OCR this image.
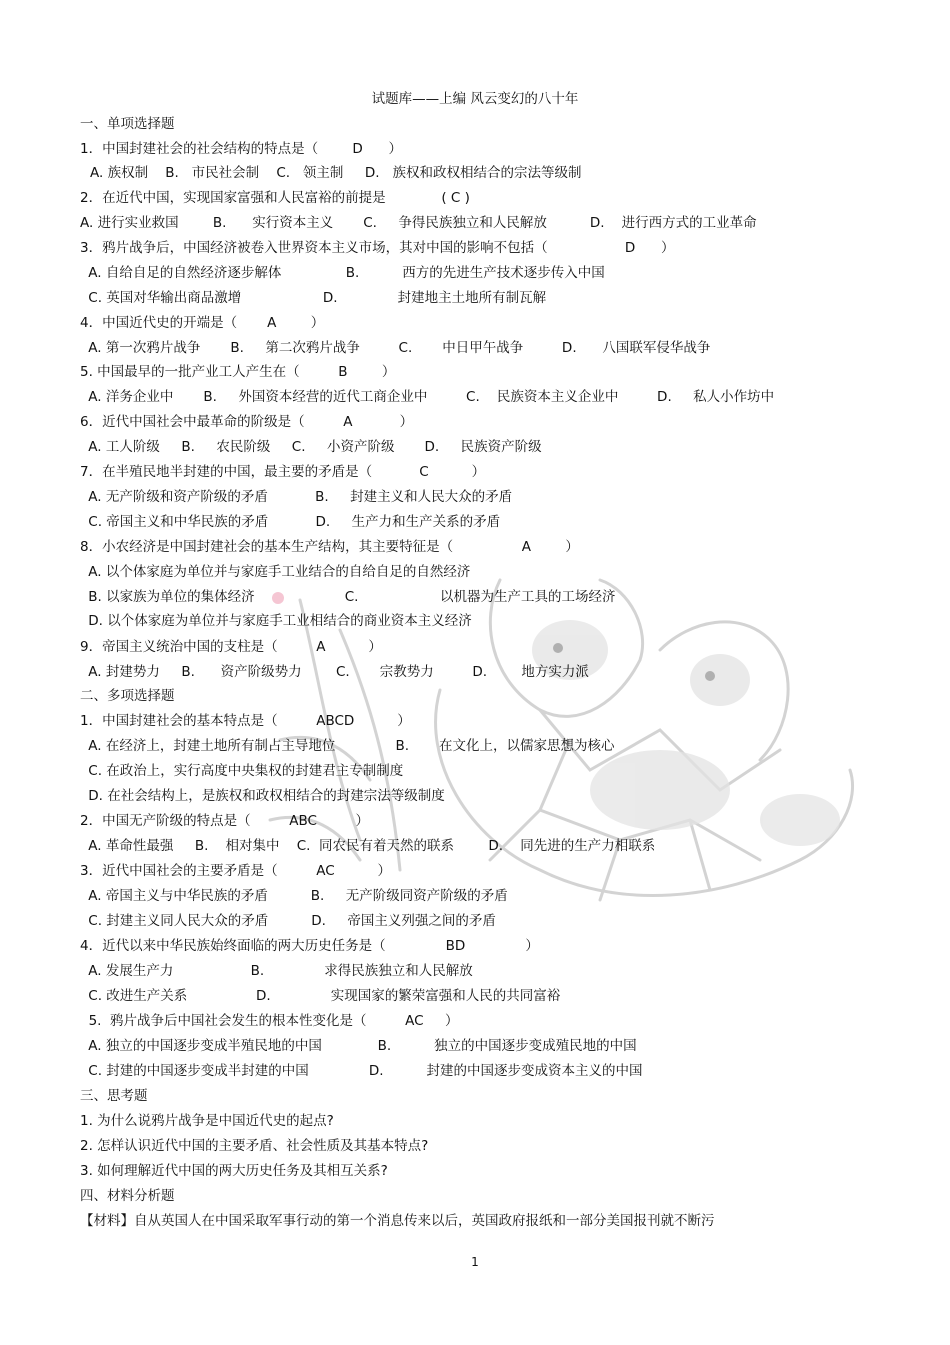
试题库——上编 风云变幻的八十年
一、单项选择题
1．中国封建社会的社会结构的特点是（        D      ）
A. 族权制    B.   市民社会制    C.   领主制     D.   族权和政权相结合的宗法等级制
2．在近代中国，实现国家富强和人民富裕的前提是             ( C )
A. 进行实业救国        B.      实行资本主义       C.     争得民族独立和人民解放          D.    进行西方式的工业革命
3．鸦片战争后，中国经济被卷入世界资本主义市场，其对中国的影响不包括（                  D      ）
A. 自给自足的自然经济逐步解体               B.          西方的先进生产技术逐步传入中国
C. 英国对华输出商品激增                   D.              封建地主土地所有制瓦解
4．中国近代史的开端是（       A        ）
A. 第一次鸦片战争       B.     第二次鸦片战争         C.       中日甲午战争         D.      八国联军侵华战争
5. 中国最早的一批产业工人产生在（         B        ）
A. 洋务企业中       B.     外国资本经营的近代工商企业中         C.    民族资本主义企业中         D.     私人小作坊中
6．近代中国社会中最革命的阶级是（         A           ）
A. 工人阶级     B.     农民阶级     C.     小资产阶级       D.     民族资产阶级
7．在半殖民地半封建的中国，最主要的矛盾是（           C          ）
A. 无产阶级和资产阶级的矛盾           B.     封建主义和人民大众的矛盾
C. 帝国主义和中华民族的矛盾           D.     生产力和生产关系的矛盾
8．小农经济是中国封建社会的基本生产结构，其主要特征是（                A        ）
A. 以个体家庭为单位并与家庭手工业结合的自给自足的自然经济
B. 以家族为单位的集体经济                     C.                   以机器为生产工具的工场经济
D. 以个体家庭为单位并与家庭手工业相结合的商业资本主义经济
9．帝国主义统治中国的支柱是（         A          ）
A. 封建势力     B.      资产阶级势力        C.       宗教势力         D.        地方实力派
二、多项选择题
1．中国封建社会的基本特点是（         ABCD          ）
A. 在经济上，封建土地所有制占主导地位              B.       在文化上，以儒家思想为核心
C. 在政治上，实行高度中央集权的封建君主专制制度
D. 在社会结构上，是族权和政权相结合的封建宗法等级制度
2．中国无产阶级的特点是（         ABC         ）
A. 革命性最强     B.    相对集中    C.  同农民有着天然的联系        D.    同先进的生产力相联系
3．近代中国社会的主要矛盾是（         AC          ）
A. 帝国主义与中华民族的矛盾          B.     无产阶级同资产阶级的矛盾
C. 封建主义同人民大众的矛盾          D.     帝国主义列强之间的矛盾
4．近代以来中华民族始终面临的两大历史任务是（              BD              ）
A. 发展生产力                  B.              求得民族独立和人民解放
C. 改进生产关系                D.              实现国家的繁荣富强和人民的共同富裕
5.  鸦片战争后中国社会发生的根本性变化是（         AC     ）
A. 独立的中国逐步变成半殖民地的中国             B.          独立的中国逐步变成殖民地的中国
C. 封建的中国逐步变成半封建的中国              D.          封建的中国逐步变成资本主义的中国
三、思考题
1. 为什么说鸦片战争是中国近代史的起点?
2. 怎样认识近代中国的主要矛盾、社会性质及其基本特点?
3. 如何理解近代中国的两大历史任务及其相互关系?
四、材料分析题
【材料】自从英国人在中国采取军事行动的第一个消息传来以后，英国政府报纸和一部分美国报刊就不断污
1
